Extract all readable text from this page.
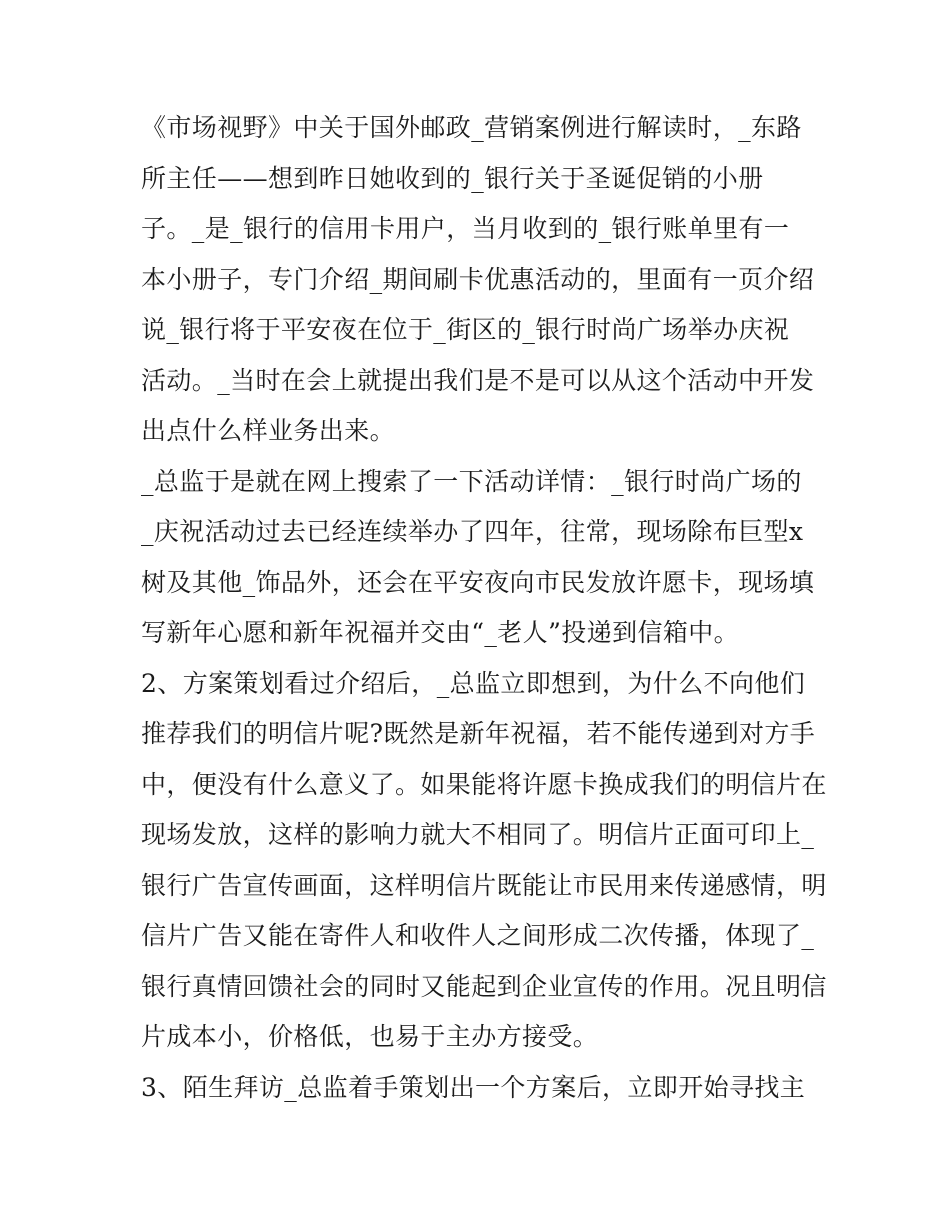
《市场视野》中关于国外邮政_营销案例进行解读时，_东路
所主任——想到昨日她收到的_银行关于圣诞促销的小册
子。_是_银行的信用卡用户，当月收到的_银行账单里有一
本小册子，专门介绍_期间刷卡优惠活动的，里面有一页介绍
说_银行将于平安夜在位于_街区的_银行时尚广场举办庆祝
活动。_当时在会上就提出我们是不是可以从这个活动中开发
出点什么样业务出来。
_总监于是就在网上搜索了一下活动详情：_银行时尚广场的
_庆祝活动过去已经连续举办了四年，往常，现场除布巨型x
树及其他_饰品外，还会在平安夜向市民发放许愿卡，现场填
写新年心愿和新年祝福并交由“_老人”投递到信箱中。
2、方案策划看过介绍后，_总监立即想到，为什么不向他们
推荐我们的明信片呢?既然是新年祝福，若不能传递到对方手
中，便没有什么意义了。如果能将许愿卡换成我们的明信片在
现场发放，这样的影响力就大不相同了。明信片正面可印上_
银行广告宣传画面，这样明信片既能让市民用来传递感情，明
信片广告又能在寄件人和收件人之间形成二次传播，体现了_
银行真情回馈社会的同时又能起到企业宣传的作用。况且明信
片成本小，价格低，也易于主办方接受。
3、陌生拜访_总监着手策划出一个方案后，立即开始寻找主
